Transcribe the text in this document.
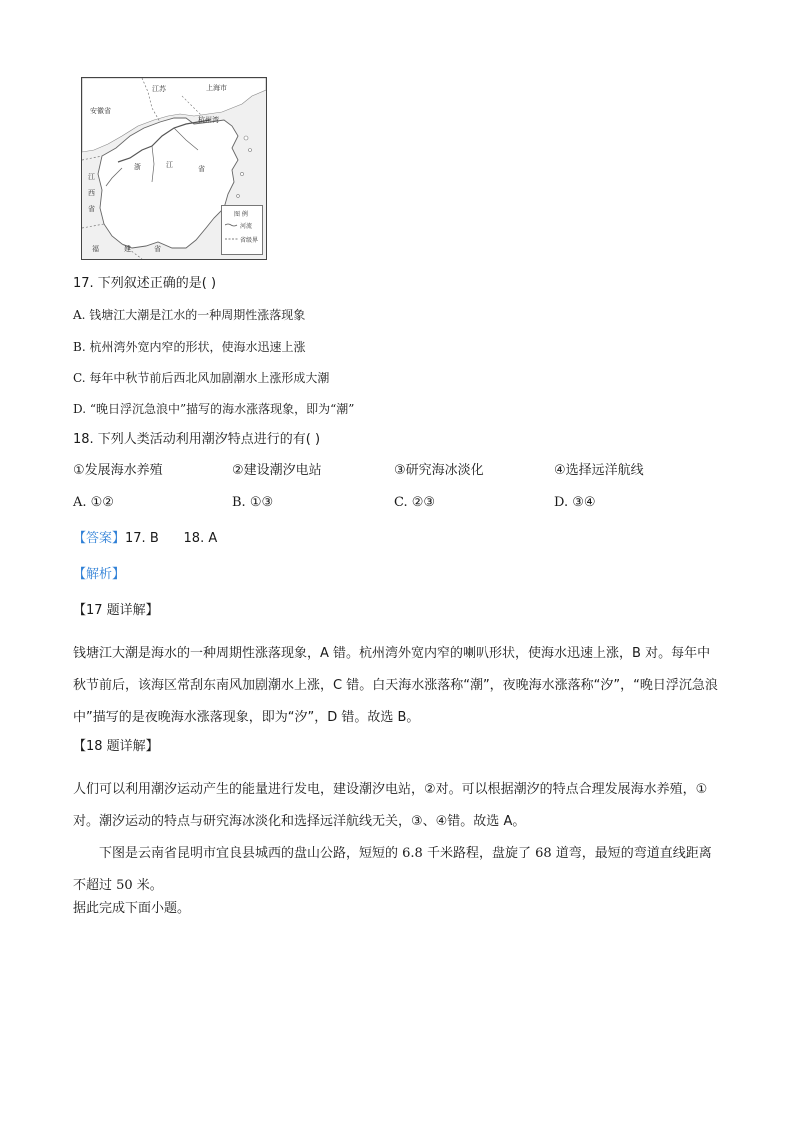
江苏	上海市
安徽省
杭州湾
浙	江	省
江
西
省
福	建	省
图 例
河流
省级界
17. 下列叙述正确的是( )
A. 钱塘江大潮是江水的一种周期性涨落现象
B. 杭州湾外宽内窄的形状，使海水迅速上涨
C. 每年中秋节前后西北风加剧潮水上涨形成大潮
D. “晚日浮沉急浪中”描写的海水涨落现象，即为“潮”
18. 下列人类活动利用潮汐特点进行的有( )
①发展海水养殖	②建设潮汐电站	③研究海冰淡化	④选择远洋航线
A. ①②	B. ①③	C. ②③	D. ③④
【答案】17. B      18. A
【解析】
【17 题详解】
钱塘江大潮是海水的一种周期性涨落现象，A 错。杭州湾外宽内窄的喇叭形状，使海水迅速上涨，B 对。每年中秋节前后，该海区常刮东南风加剧潮水上涨，C 错。白天海水涨落称“潮”，夜晚海水涨落称“汐”，“晚日浮沉急浪中”描写的是夜晚海水涨落现象，即为“汐”，D 错。故选 B。
【18 题详解】
人们可以利用潮汐运动产生的能量进行发电，建设潮汐电站，②对。可以根据潮汐的特点合理发展海水养殖，①对。潮汐运动的特点与研究海冰淡化和选择远洋航线无关，③、④错。故选 A。
下图是云南省昆明市宜良县城西的盘山公路，短短的 6.8 千米路程，盘旋了 68 道弯，最短的弯道直线距离不超过 50 米。
据此完成下面小题。
